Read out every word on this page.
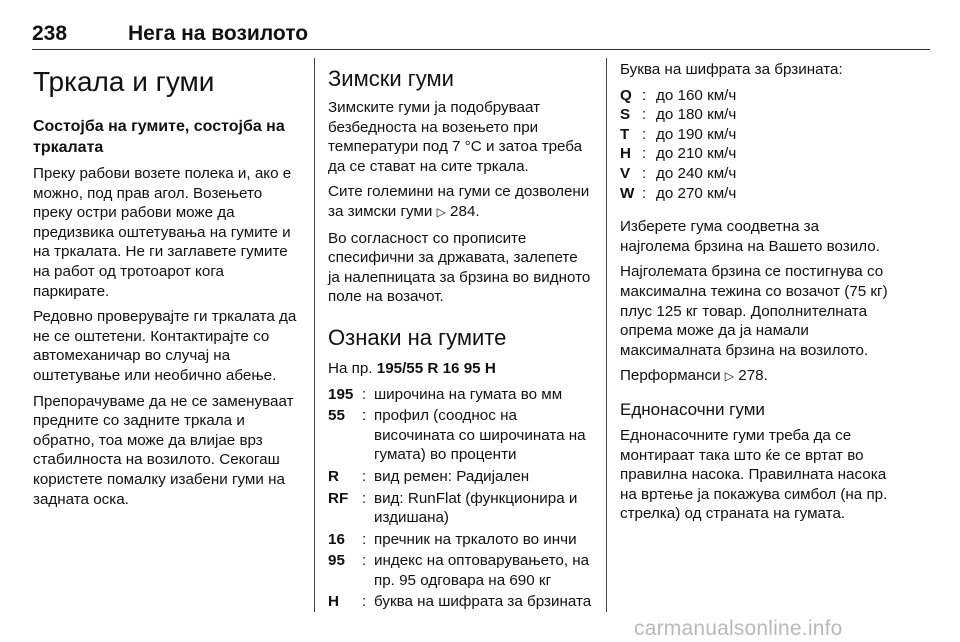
238	Нега на возилото
Тркала и гуми
Состојба на гумите, состојба на тркалата

Преку рабови возете полека и, ако е можно, под прав агол. Возењето преку остри рабови може да предизвика оштетувања на гумите и на тркалата. Не ги заглавете гумите на работ од тротоарот кога паркирате.

Редовно проверувајте ги тркалата да не се оштетени. Контактирајте со автомеханичар во случај на оштетување или необично абење.

Препорачуваме да не се заменуваат предните со задните тркала и обратно, тоа може да влијае врз стабилноста на возилото. Секогаш користете помалку изабени гуми на задната оска.

Зимски гуми

Зимските гуми ја подобруваат безбедноста на возењето при температури под 7 °C и затоа треба да се стават на сите тркала.

Сите големини на гуми се дозволени за зимски гуми ▷ 284.

Во согласност со прописите спесифични за државата, залепете ја налепницата за брзина во видното поле на возачот.

Ознаки на гумите

На пр. 195/55 R 16 95 H

195 : широчина на гумата во мм
55	: профил (сооднос на височината со широчината на гумата) во проценти
R	: вид ремен: Радијален
RF : вид: RunFlat (функционира и издишана)
16	: пречник на тркалото во инчи
95	: индекс на оптоварувањето, на пр. 95 одговара на 690 кг
H	: буква на шифрата за брзината

Буква на шифрата за брзината:

Q : до 160 км/ч
S : до 180 км/ч
T : до 190 км/ч
H : до 210 км/ч
V : до 240 км/ч
W : до 270 км/ч

Изберете гума соодветна за најголема брзина на Вашето возило.

Најголемата брзина се постигнува со максимална тежина со возачот (75 кг) плус 125 кг товар. Дополнителната опрема може да ја намали максималната брзина на возилото.

Перформанси ▷ 278.

Еднонасочни гуми

Еднонасочните гуми треба да се монтираат така што ќе се вртат во правилна насока. Правилната насока на вртење ја покажува симбол (на пр. стрелка) од страната на гумата.

carmanualsonline.info
